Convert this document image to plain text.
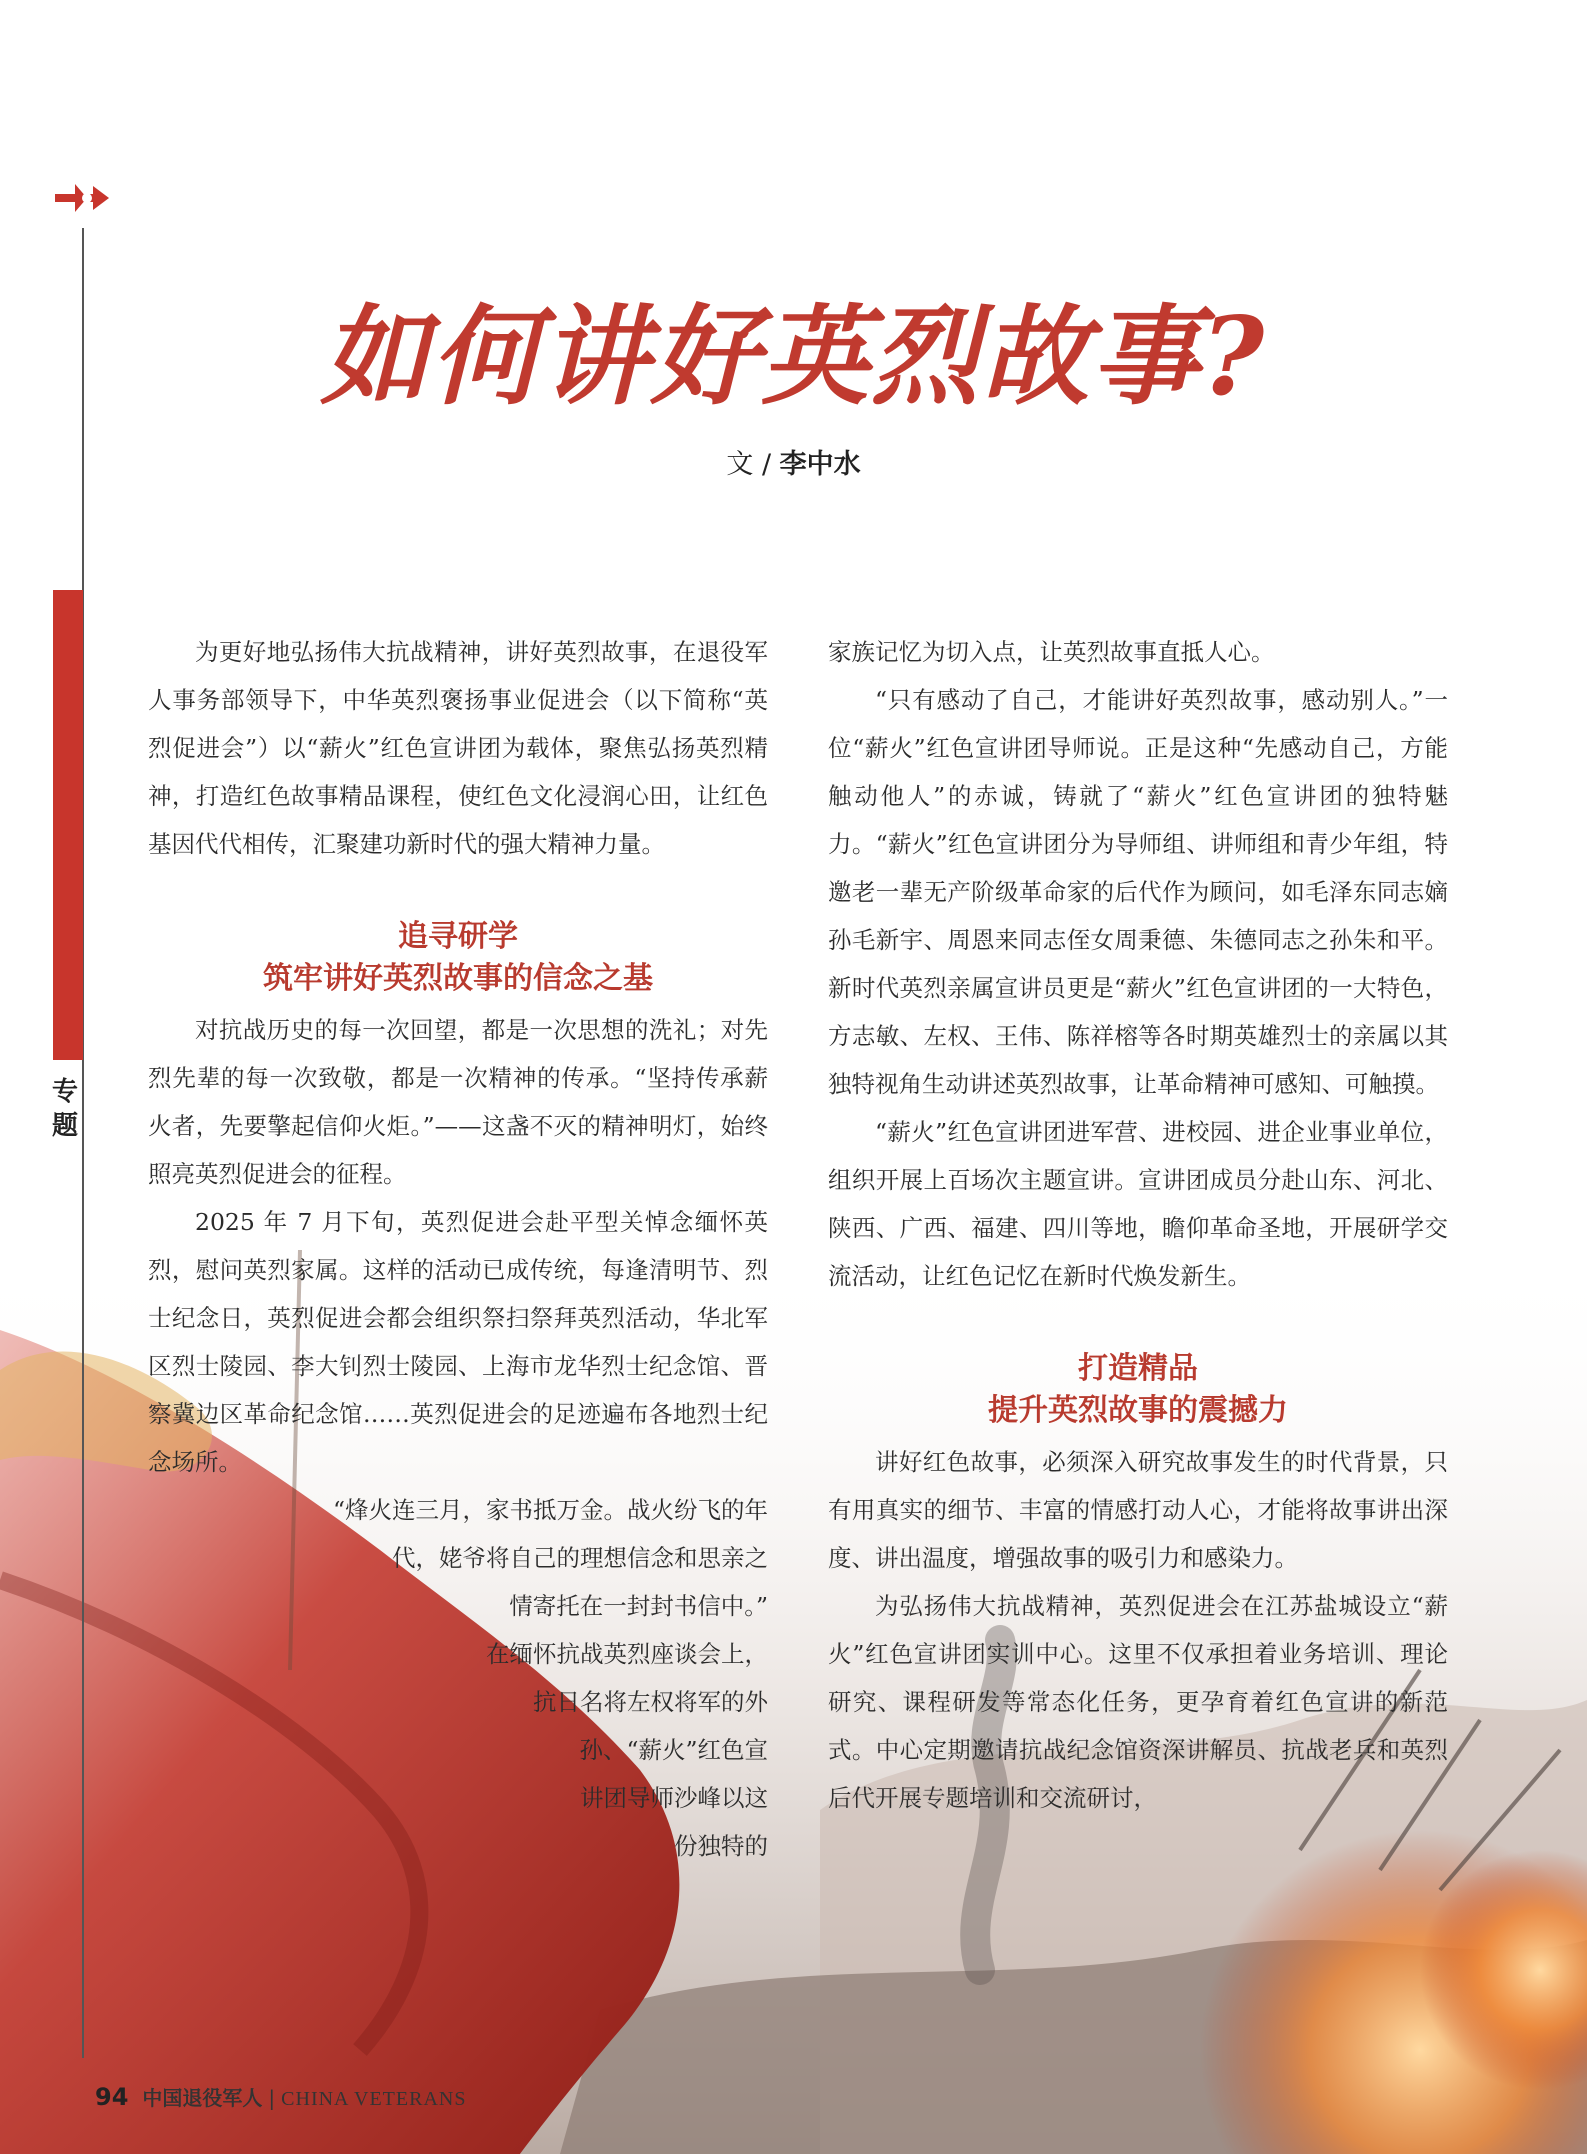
专题
如何讲好英烈故事?
文 / 李中水

为更好地弘扬伟大抗战精神，讲好英烈故事，在退役军人事务部领导下，中华英烈褒扬事业促进会（以下简称“英烈促进会”）以“薪火”红色宣讲团为载体，聚焦弘扬英烈精神，打造红色故事精品课程，使红色文化浸润心田，让红色基因代代相传，汇聚建功新时代的强大精神力量。

追寻研学
筑牢讲好英烈故事的信念之基

对抗战历史的每一次回望，都是一次思想的洗礼；对先烈先辈的每一次致敬，都是一次精神的传承。“坚持传承薪火者，先要擎起信仰火炬。”——这盏不灭的精神明灯，始终照亮英烈促进会的征程。

2025 年 7 月下旬，英烈促进会赴平型关悼念缅怀英烈，慰问英烈家属。这样的活动已成传统，每逢清明节、烈士纪念日，英烈促进会都会组织祭扫祭拜英烈活动，华北军区烈士陵园、李大钊烈士陵园、上海市龙华烈士纪念馆、晋察冀边区革命纪念馆……英烈促进会的足迹遍布各地烈士纪念场所。

“烽火连三月，家书抵万金。战火纷飞的年
代，姥爷将自己的理想信念和思亲之
情寄托在一封封书信中。”
在缅怀抗战英烈座谈会上，
抗日名将左权将军的外
孙、“薪火”红色宣
讲团导师沙峰以这
份独特的

家族记忆为切入点，让英烈故事直抵人心。

“只有感动了自己，才能讲好英烈故事，感动别人。”一位“薪火”红色宣讲团导师说。正是这种“先感动自己，方能触动他人”的赤诚，铸就了“薪火”红色宣讲团的独特魅力。“薪火”红色宣讲团分为导师组、讲师组和青少年组，特邀老一辈无产阶级革命家的后代作为顾问，如毛泽东同志嫡孙毛新宇、周恩来同志侄女周秉德、朱德同志之孙朱和平。新时代英烈亲属宣讲员更是“薪火”红色宣讲团的一大特色，方志敏、左权、王伟、陈祥榕等各时期英雄烈士的亲属以其独特视角生动讲述英烈故事，让革命精神可感知、可触摸。

“薪火”红色宣讲团进军营、进校园、进企业事业单位，组织开展上百场次主题宣讲。宣讲团成员分赴山东、河北、陕西、广西、福建、四川等地，瞻仰革命圣地，开展研学交流活动，让红色记忆在新时代焕发新生。

打造精品
提升英烈故事的震撼力

讲好红色故事，必须深入研究故事发生的时代背景，只有用真实的细节、丰富的情感打动人心，才能将故事讲出深度、讲出温度，增强故事的吸引力和感染力。

为弘扬伟大抗战精神，英烈促进会在江苏盐城设立“薪火”红色宣讲团实训中心。这里不仅承担着业务培训、理论研究、课程研发等常态化任务，更孕育着红色宣讲的新范式。中心定期邀请抗战纪念馆资深讲解员、抗战老兵和英烈后代开展专题培训和交流研讨，

94 中国退役军人 | CHINA VETERANS
